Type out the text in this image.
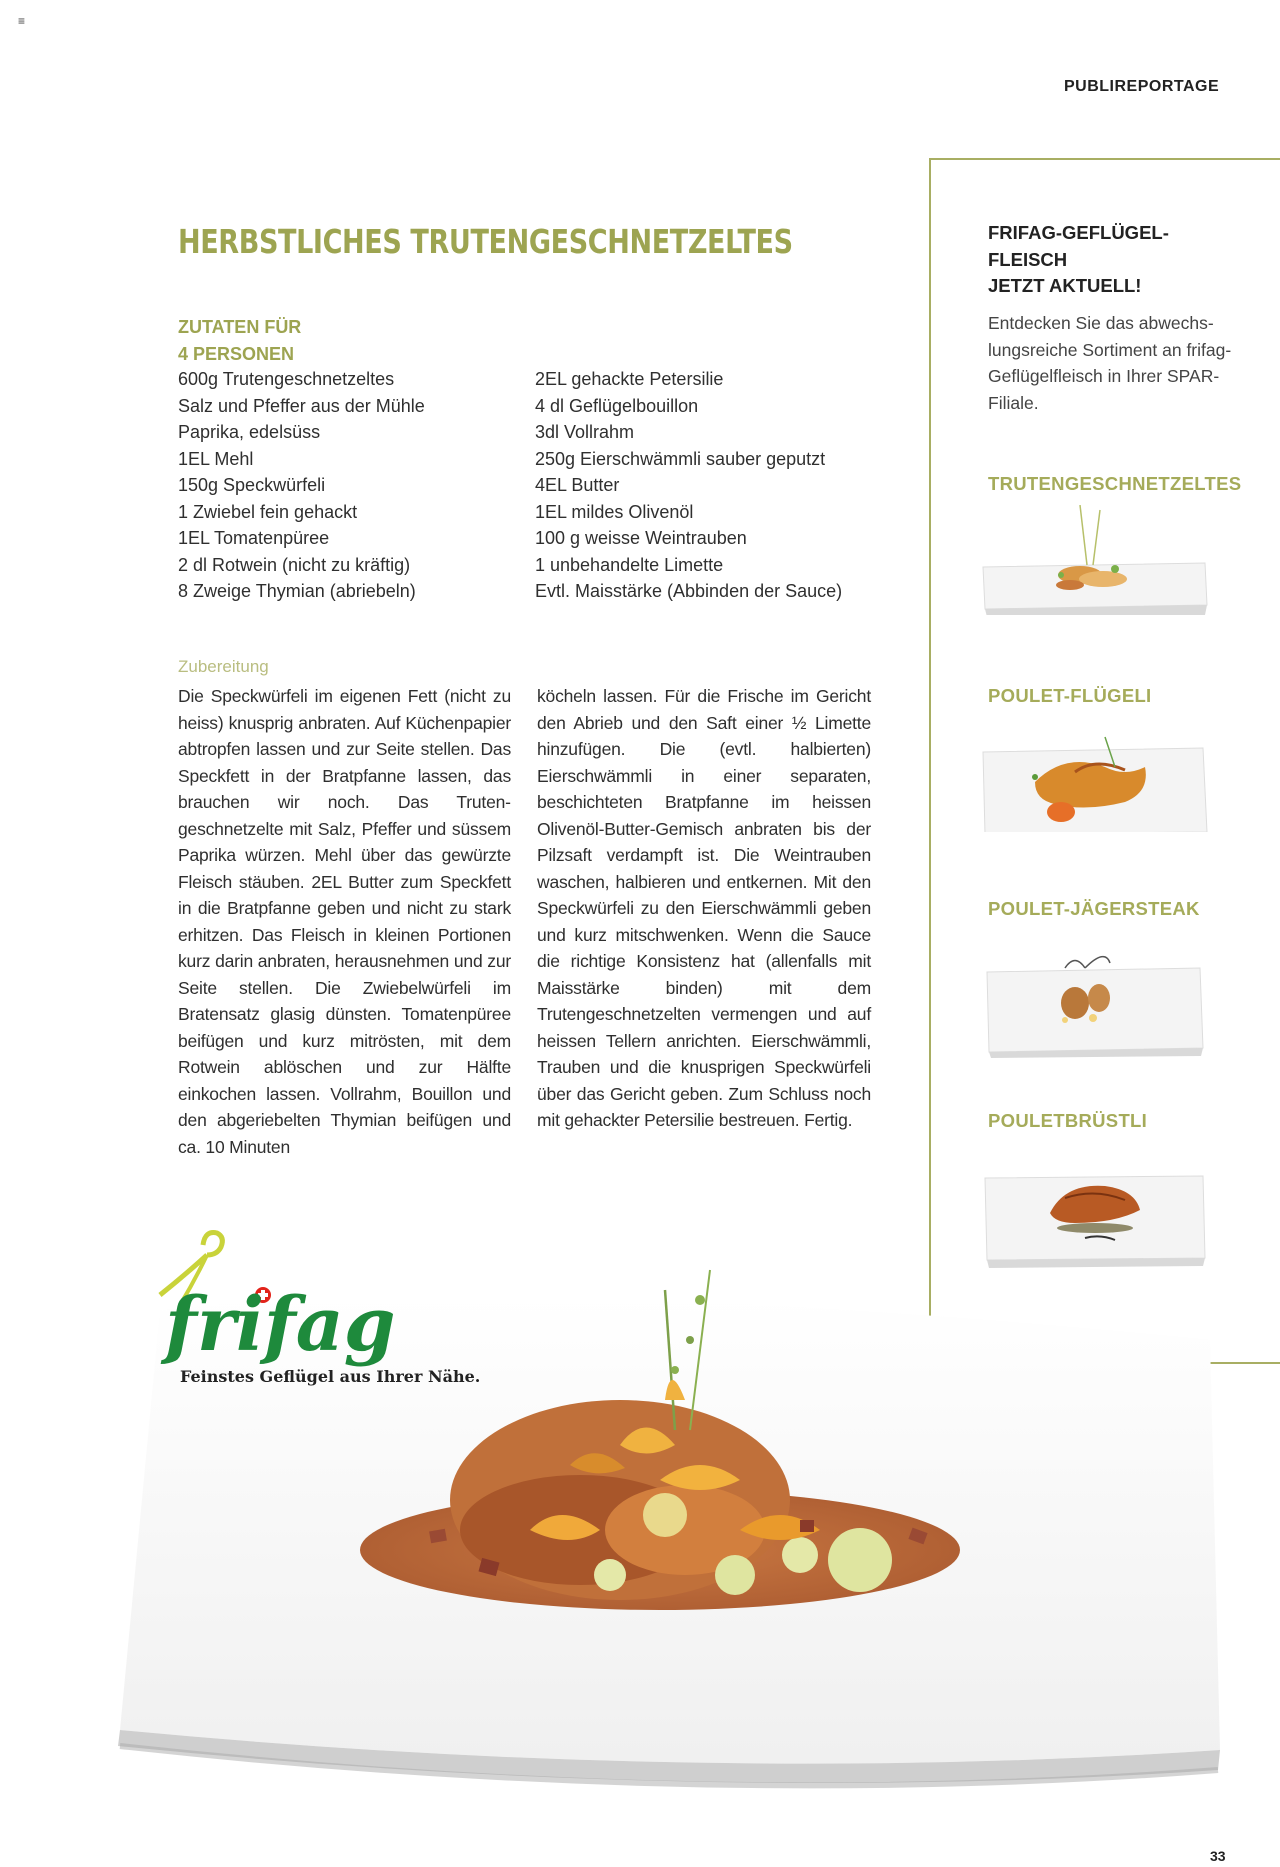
≡
PUBLIREPORTAGE
HERBSTLICHES TRUTENGESCHNETZELTES
ZUTATEN FÜR
4 PERSONEN
600g Trutengeschnetzeltes
Salz und Pfeffer aus der Mühle
Paprika, edelsüss
1EL Mehl
150g Speckwürfeli
1 Zwiebel fein gehackt
1EL Tomatenpüree
2 dl Rotwein (nicht zu kräftig)
8 Zweige Thymian (abriebeln)
2EL gehackte Petersilie
4 dl Geflügelbouillon
3dl Vollrahm
250g Eierschwämmli sauber geputzt
4EL Butter
1EL mildes Olivenöl
100 g weisse Weintrauben
1 unbehandelte Limette
Evtl. Maisstärke (Abbinden der Sauce)
Zubereitung
Die Speckwürfeli im eigenen Fett (nicht zu heiss) knusprig anbraten. Auf Küchenpapier abtropfen lassen und zur Seite stellen. Das Speckfett in der Bratpfanne lassen, das brauchen wir noch. Das Trutengeschnetzelte mit Salz, Pfeffer und süssem Paprika würzen. Mehl über das gewürzte Fleisch stäuben. 2EL Butter zum Speckfett in die Bratpfanne geben und nicht zu stark erhitzen. Das Fleisch in kleinen Portionen kurz darin anbraten, herausnehmen und zur Seite stellen. Die Zwiebelwürfeli im Bratensatz glasig dünsten. Tomatenpüree beifügen und kurz mitrösten, mit dem Rotwein ablöschen und zur Hälfte einkochen lassen. Vollrahm, Bouillon und den abgeriebelten Thymian beifügen und ca. 10 Minuten
köcheln lassen. Für die Frische im Gericht den Abrieb und den Saft einer ½ Limette hinzufügen. Die (evtl. halbierten) Eierschwämmli in einer separaten, beschichteten Bratpfanne im heissen Olivenöl-Butter-Gemisch anbraten bis der Pilzsaft verdampft ist. Die Weintrauben waschen, halbieren und entkernen. Mit den Speckwürfeli zu den Eierschwämmli geben und kurz mitschwenken. Wenn die Sauce die richtige Konsistenz hat (allenfalls mit Maisstärke binden) mit dem Trutengeschnetzelten vermengen und auf heissen Tellern anrichten. Eierschwämmli, Trauben und die knusprigen Speckwürfeli über das Gericht geben. Zum Schluss noch mit gehackter Petersilie bestreuen. Fertig.
FRIFAG-GEFLÜGEL-
FLEISCH
JETZT AKTUELL!
Entdecken Sie das abwechslungsreiche Sortiment an frifag-Geflügelfleisch in Ihrer SPAR-Filiale.
TRUTENGESCHNETZELTES
POULET-FLÜGELI
POULET-JÄGERSTEAK
POULETBRÜSTLI
frifag
Feinstes Geflügel aus Ihrer Nähe.
33
